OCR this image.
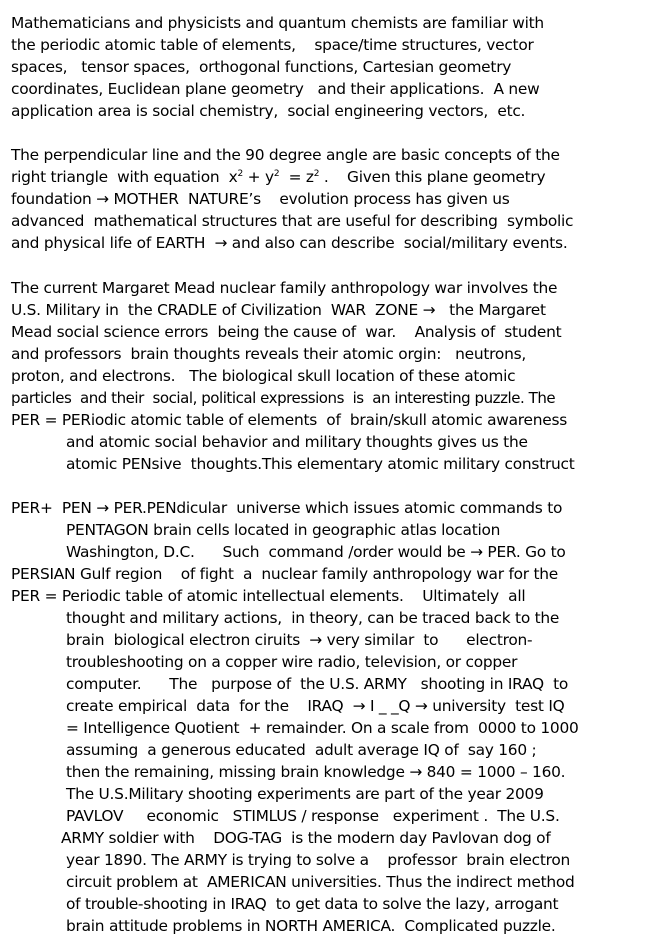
Mathematicians and physicists and quantum chemists are familiar with

the periodic atomic table of elements,    space/time structures, vector

spaces,   tensor spaces,  orthogonal functions, Cartesian geometry

coordinates, Euclidean plane geometry   and their applications.  A new

application area is social chemistry,  social engineering vectors,  etc.

The perpendicular line and the 90 degree angle are basic concepts of the

right triangle  with equation  $x^2 + y^2 = z^2$ .    Given this plane geometry

foundation → MOTHER  NATURE’s    evolution process has given us

advanced  mathematical structures that are useful for describing  symbolic

and physical life of EARTH  → and also can describe  social/military events.

The current Margaret Mead nuclear family anthropology war involves the

U.S. Military in  the CRADLE of Civilization  WAR  ZONE →   the Margaret

Mead social science errors  being the cause of  war.    Analysis of  student

and professors  brain thoughts reveals their atomic orgin:   neutrons,

proton, and electrons.   The biological skull location of these atomic

particles  and their  social, political expressions  is  an interesting puzzle. The

PER = PERiodic atomic table of elements  of  brain/skull atomic awareness

and atomic social behavior and military thoughts gives us the

atomic PENsive  thoughts.This elementary atomic military construct

PER+  PEN → PER.PENdicular  universe which issues atomic commands to

PENTAGON brain cells located in geographic atlas location

Washington, D.C.      Such  command /order would be → PER. Go to

PERSIAN Gulf region    of fight  a  nuclear family anthropology war for the

PER = Periodic table of atomic intellectual elements.    Ultimately  all

thought and military actions,  in theory, can be traced back to the

brain  biological electron ciruits  → very similar  to      electron-

troubleshooting on a copper wire radio, television, or copper

computer.      The   purpose of  the U.S. ARMY   shooting in IRAQ  to

create empirical  data  for the    IRAQ  → I _ _Q → university  test IQ

= Intelligence Quotient  + remainder. On a scale from  0000 to 1000

assuming  a generous educated  adult average IQ of  say 160 ;

then the remaining, missing brain knowledge → 840 = 1000 – 160.

The U.S.Military shooting experiments are part of the year 2009

PAVLOV     economic   STIMLUS / response   experiment .  The U.S.

ARMY soldier with    DOG-TAG  is the modern day Pavlovan dog of

year 1890. The ARMY is trying to solve a    professor  brain electron

circuit problem at  AMERICAN universities. Thus the indirect method

of trouble-shooting in IRAQ  to get data to solve the lazy, arrogant

brain attitude problems in NORTH AMERICA.  Complicated puzzle.
